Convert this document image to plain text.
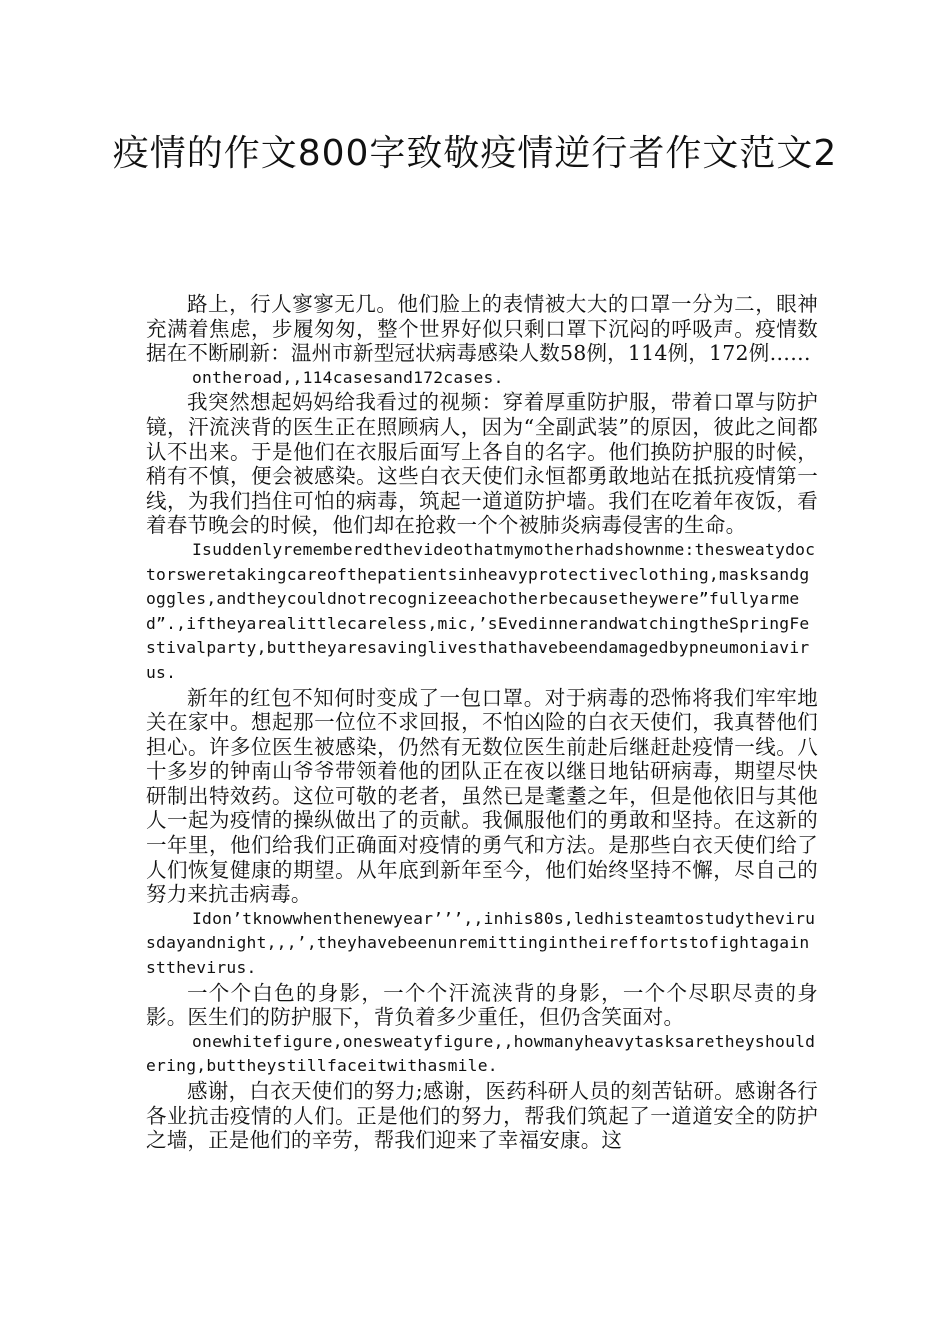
疫情的作文800字致敬疫情逆行者作文范文2

路上，行人寥寥无几。他们脸上的表情被大大的口罩一分为二，眼神充满着焦虑，步履匆匆，整个世界好似只剩口罩下沉闷的呼吸声。疫情数据在不断刷新：温州市新型冠状病毒感染人数58例，114例，172例……

ontheroad,,114casesand172cases.

我突然想起妈妈给我看过的视频：穿着厚重防护服，带着口罩与防护镜，汗流浃背的医生正在照顾病人，因为“全副武装”的原因，彼此之间都认不出来。于是他们在衣服后面写上各自的名字。他们换防护服的时候，稍有不慎，便会被感染。这些白衣天使们永恒都勇敢地站在抵抗疫情第一线，为我们挡住可怕的病毒，筑起一道道防护墙。我们在吃着年夜饭，看着春节晚会的时候，他们却在抢救一个个被肺炎病毒侵害的生命。

Isuddenlyrememberedthevideothatmymotherhadshownme:thesweatydoctorsweretakingcareofthepatientsinheavyprotectiveclothing,masksandgoggles,andtheycouldnotrecognizeeachotherbecausetheywere”fullyarmed”.,iftheyarealittlecareless,mic,’sEvedinnerandwatchingtheSpringFestivalparty,buttheyaresavinglivesthathavebeendamagedbypneumoniavirus.

新年的红包不知何时变成了一包口罩。对于病毒的恐怖将我们牢牢地关在家中。想起那一位位不求回报，不怕凶险的白衣天使们，我真替他们担心。许多位医生被感染，仍然有无数位医生前赴后继赶赴疫情一线。八十多岁的钟南山爷爷带领着他的团队正在夜以继日地钻研病毒，期望尽快研制出特效药。这位可敬的老者，虽然已是耄耋之年，但是他依旧与其他人一起为疫情的操纵做出了的贡献。我佩服他们的勇敢和坚持。在这新的一年里，他们给我们正确面对疫情的勇气和方法。是那些白衣天使们给了人们恢复健康的期望。从年底到新年至今，他们始终坚持不懈，尽自己的努力来抗击病毒。

Idon’tknowwhenthenewyear’’’,,inhis80s,ledhisteamtostudythevirusdayandnight,,,’,theyhavebeenunremittingintheireffortstofightagainstthevirus.

一个个白色的身影，一个个汗流浃背的身影，一个个尽职尽责的身影。医生们的防护服下，背负着多少重任，但仍含笑面对。

onewhitefigure,onesweatyfigure,,howmanyheavytasksaretheyshouldering,buttheystillfaceitwithasmile.

感谢，白衣天使们的努力;感谢，医药科研人员的刻苦钻研。感谢各行各业抗击疫情的人们。正是他们的努力，帮我们筑起了一道道安全的防护之墙，正是他们的辛劳，帮我们迎来了幸福安康。这
